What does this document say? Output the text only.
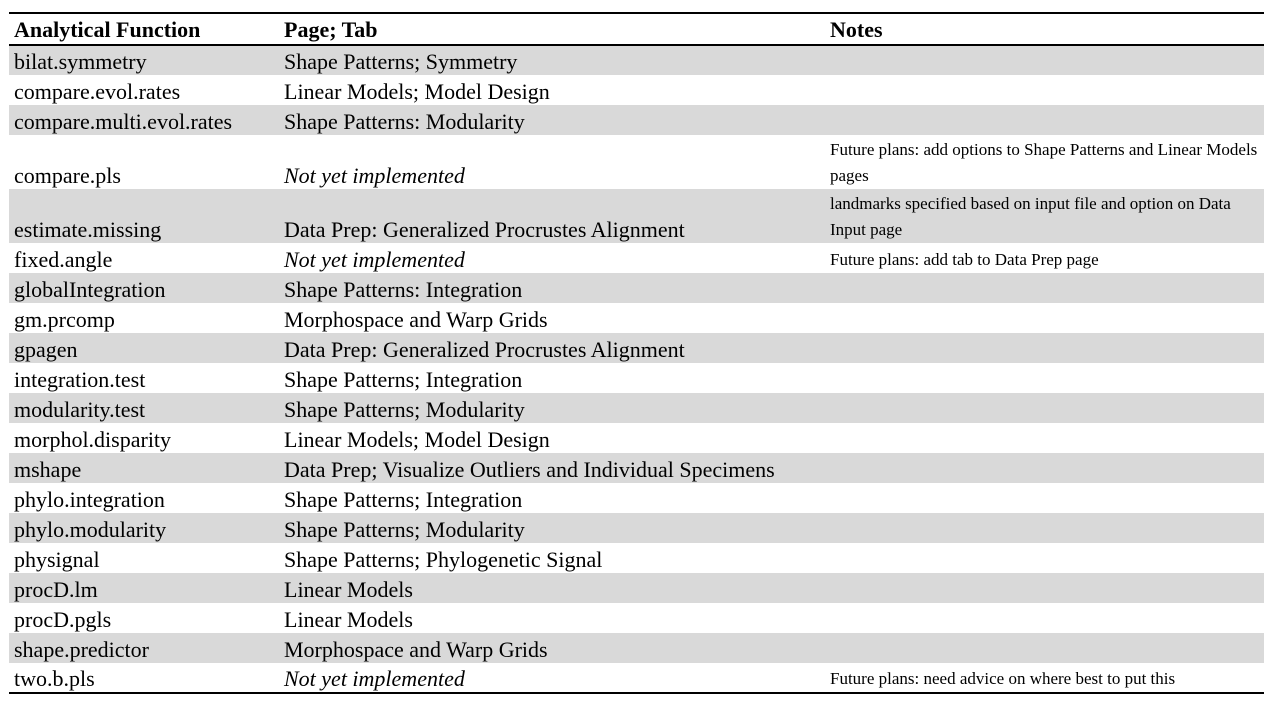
Analytical Function	Page; Tab	Notes
bilat.symmetry	Shape Patterns; Symmetry	
compare.evol.rates	Linear Models; Model Design	
compare.multi.evol.rates	Shape Patterns: Modularity	
compare.pls	Not yet implemented	Future plans: add options to Shape Patterns and Linear Models pages
estimate.missing	Data Prep: Generalized Procrustes Alignment	landmarks specified based on input file and option on Data Input page
fixed.angle	Not yet implemented	Future plans: add tab to Data Prep page
globalIntegration	Shape Patterns: Integration	
gm.prcomp	Morphospace and Warp Grids	
gpagen	Data Prep: Generalized Procrustes Alignment	
integration.test	Shape Patterns; Integration	
modularity.test	Shape Patterns; Modularity	
morphol.disparity	Linear Models; Model Design	
mshape	Data Prep; Visualize Outliers and Individual Specimens	
phylo.integration	Shape Patterns; Integration	
phylo.modularity	Shape Patterns; Modularity	
physignal	Shape Patterns; Phylogenetic Signal	
procD.lm	Linear Models	
procD.pgls	Linear Models	
shape.predictor	Morphospace and Warp Grids	
two.b.pls	Not yet implemented	Future plans: need advice on where best to put this
